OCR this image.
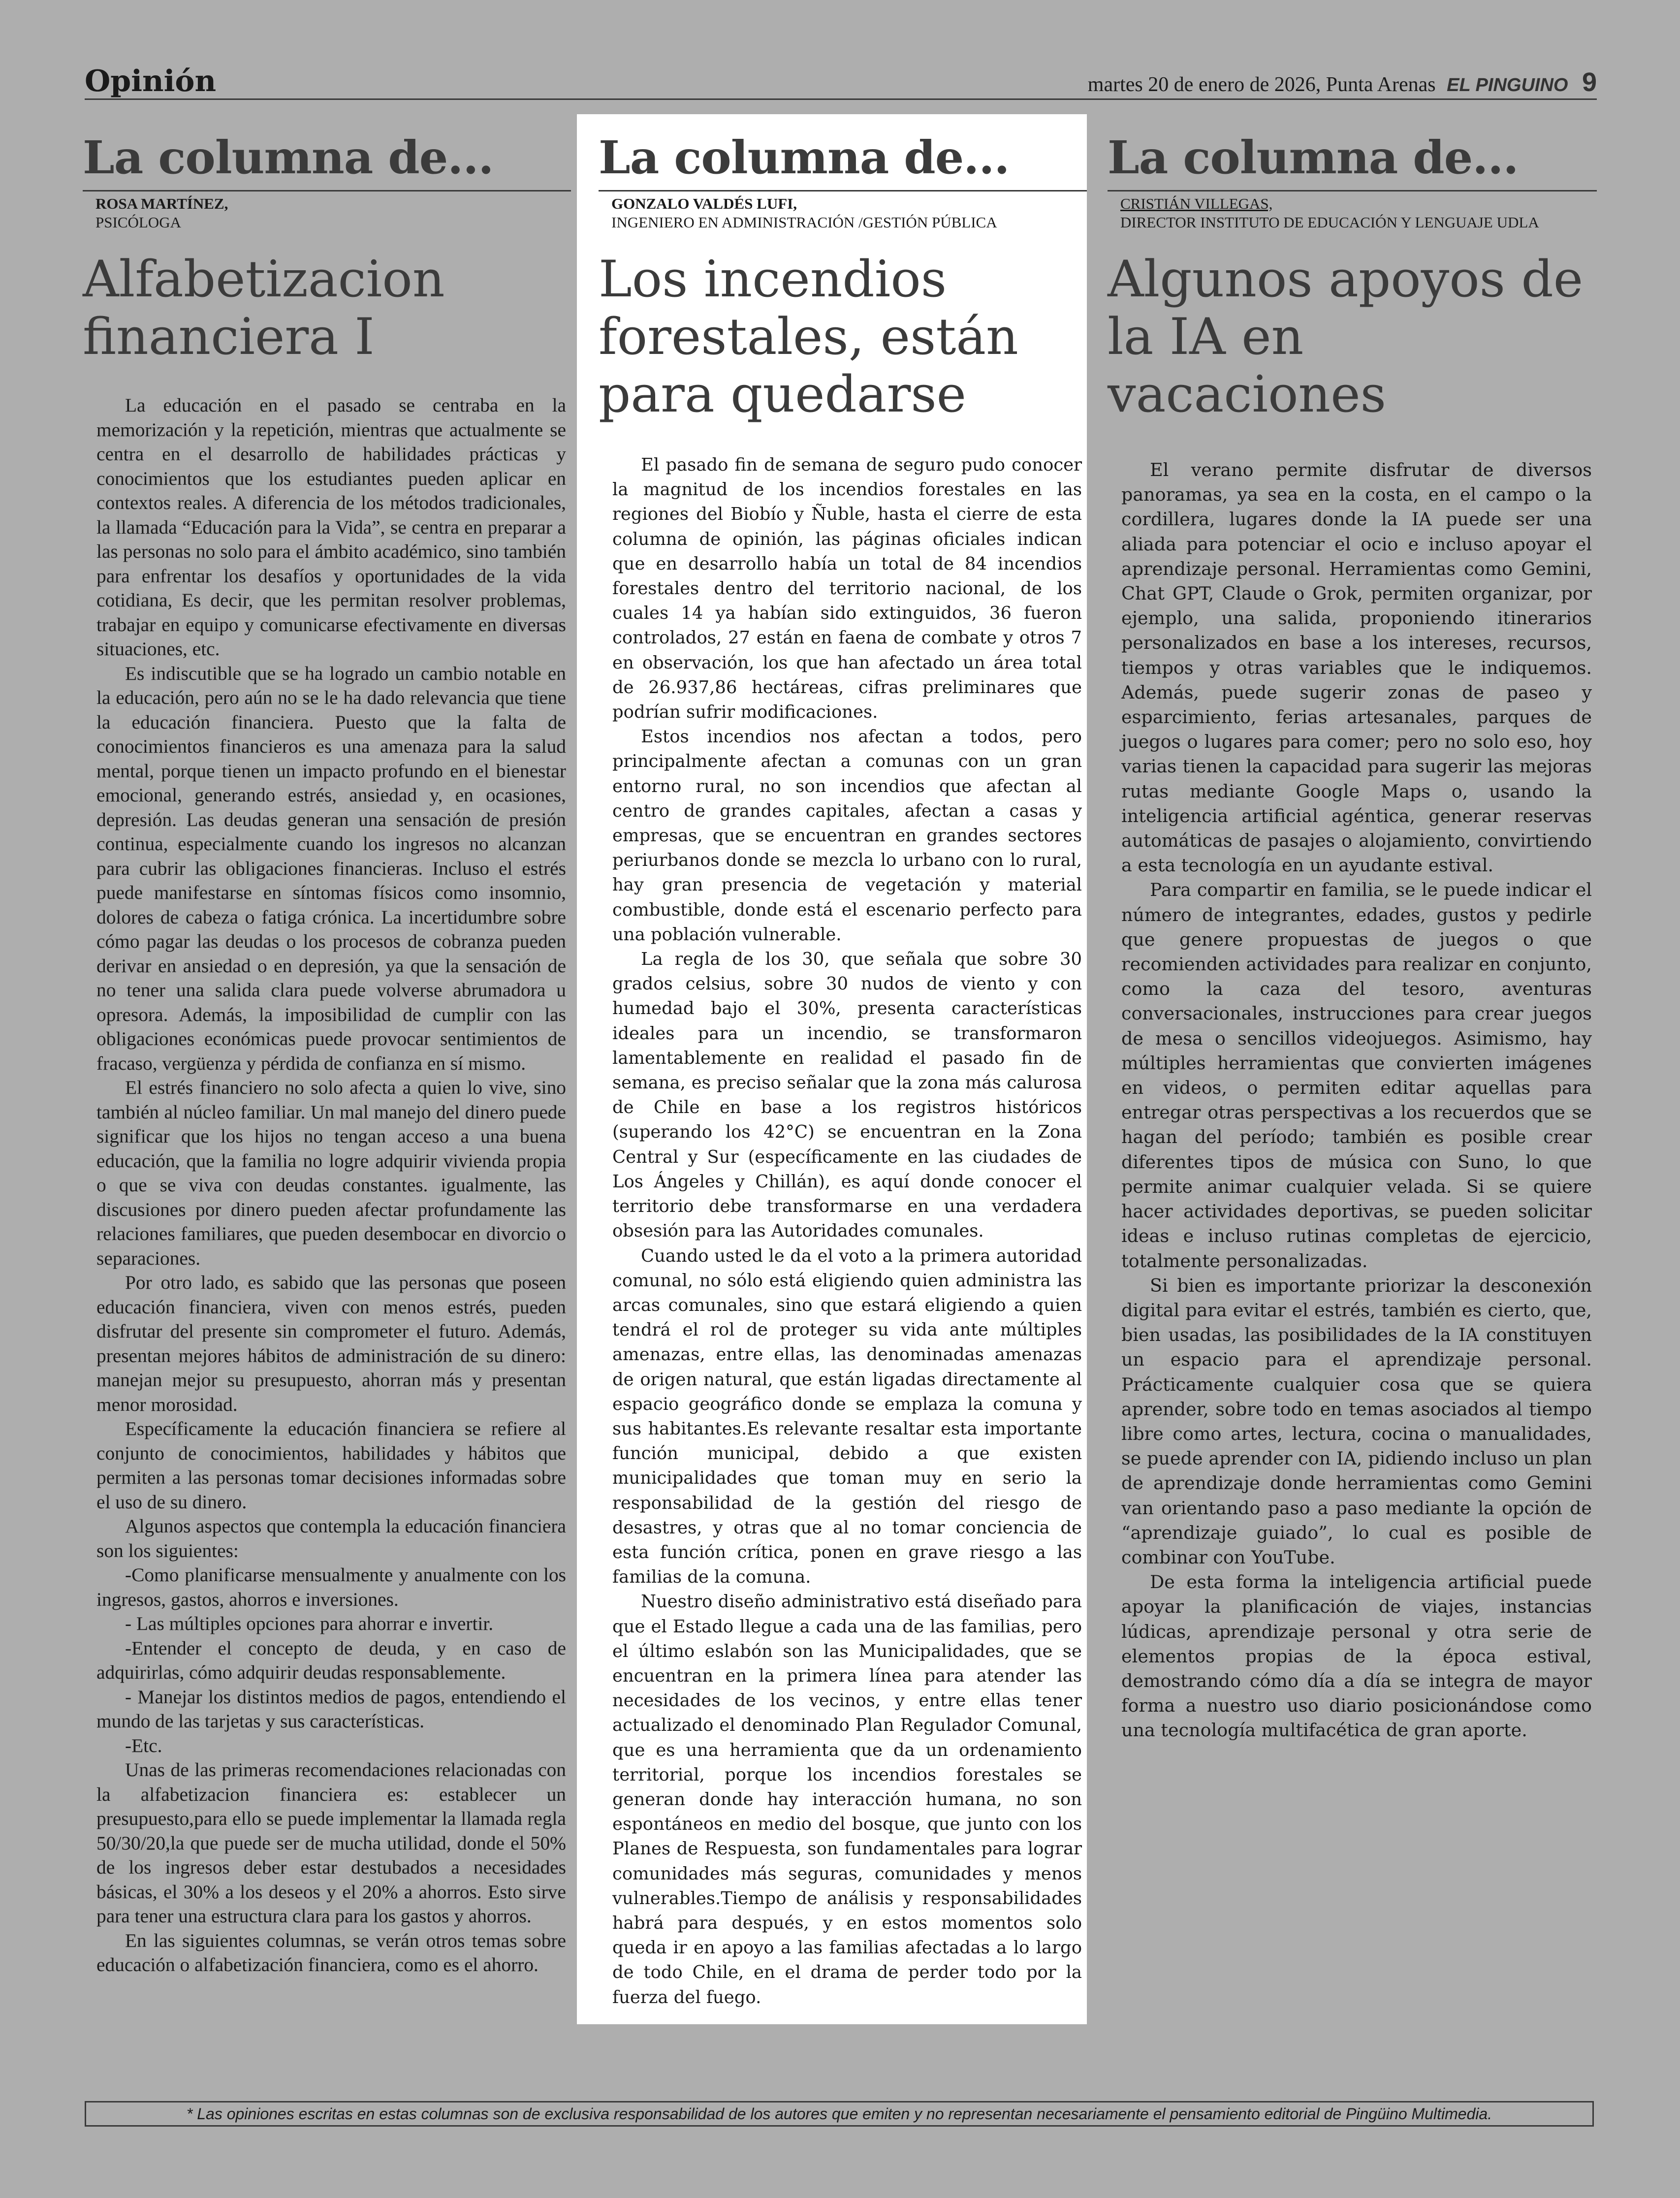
Opinión	martes 20 de enero de 2026, Punta Arenas EL PINGUINO 9
La columna de...
ROSA MARTÍNEZ,
PSICÓLOGA
Alfabetizacion financiera I

La educación en el pasado se centraba en la memorización y la repetición, mientras que actualmente se centra en el desarrollo de habilidades prácticas y conocimientos que los estudiantes pueden aplicar en contextos reales. A diferencia de los métodos tradicionales, la llamada “Educación para la Vida”, se centra en preparar a las personas no solo para el ámbito académico, sino también para enfrentar los desafíos y oportunidades de la vida cotidiana, Es decir, que les permitan resolver problemas, trabajar en equipo y comunicarse efectivamente en diversas situaciones, etc.

Es indiscutible que se ha logrado un cambio notable en la educación, pero aún no se le ha dado relevancia que tiene la educación financiera. Puesto que la falta de conocimientos financieros es una amenaza para la salud mental, porque tienen un impacto profundo en el bienestar emocional, generando estrés, ansiedad y, en ocasiones, depresión. Las deudas generan una sensación de presión continua, especialmente cuando los ingresos no alcanzan para cubrir las obligaciones financieras. Incluso el estrés puede manifestarse en síntomas físicos como insomnio, dolores de cabeza o fatiga crónica. La incertidumbre sobre cómo pagar las deudas o los procesos de cobranza pueden derivar en ansiedad o en depresión, ya que la sensación de no tener una salida clara puede volverse abrumadora u opresora. Además, la imposibilidad de cumplir con las obligaciones económicas puede provocar sentimientos de fracaso, vergüenza y pérdida de confianza en sí mismo.

El estrés financiero no solo afecta a quien lo vive, sino también al núcleo familiar. Un mal manejo del dinero puede significar que los hijos no tengan acceso a una buena educación, que la familia no logre adquirir vivienda propia o que se viva con deudas constantes. igualmente, las discusiones por dinero pueden afectar profundamente las relaciones familiares, que pueden desembocar en divorcio o separaciones.

Por otro lado, es sabido que las personas que poseen educación financiera, viven con menos estrés, pueden disfrutar del presente sin comprometer el futuro. Además, presentan mejores hábitos de administración de su dinero: manejan mejor su presupuesto, ahorran más y presentan menor morosidad.

Específicamente la educación financiera se refiere al conjunto de conocimientos, habilidades y hábitos que permiten a las personas tomar decisiones informadas sobre el uso de su dinero.

Algunos aspectos que contempla la educación financiera son los siguientes:

-Como planificarse mensualmente y anualmente con los ingresos, gastos, ahorros e inversiones.

- Las múltiples opciones para ahorrar e invertir.

-Entender el concepto de deuda, y en caso de adquirirlas, cómo adquirir deudas responsablemente.

- Manejar los distintos medios de pagos, entendiendo el mundo de las tarjetas y sus características.

-Etc.

Unas de las primeras recomendaciones relacionadas con la alfabetizacion financiera es: establecer un presupuesto,para ello se puede implementar la llamada regla 50/30/20,la que puede ser de mucha utilidad, donde el 50% de los ingresos deber estar destubados a necesidades básicas, el 30% a los deseos y el 20% a ahorros. Esto sirve para tener una estructura clara para los gastos y ahorros.

En las siguientes columnas, se verán otros temas sobre educación o alfabetización financiera, como es el ahorro.

La columna de...
GONZALO VALDÉS LUFI,
INGENIERO EN ADMINISTRACIÓN /GESTIÓN PÚBLICA
Los incendios forestales, están para quedarse

El pasado fin de semana de seguro pudo conocer la magnitud de los incendios forestales en las regiones del Biobío y Ñuble, hasta el cierre de esta columna de opinión, las páginas oficiales indican que en desarrollo había un total de 84 incendios forestales dentro del territorio nacional, de los cuales 14 ya habían sido extinguidos, 36 fueron controlados, 27 están en faena de combate y otros 7 en observación, los que han afectado un área total de 26.937,86 hectáreas, cifras preliminares que podrían sufrir modificaciones.

Estos incendios nos afectan a todos, pero principalmente afectan a comunas con un gran entorno rural, no son incendios que afectan al centro de grandes capitales, afectan a casas y empresas, que se encuentran en grandes sectores periurbanos donde se mezcla lo urbano con lo rural, hay gran presencia de vegetación y material combustible, donde está el escenario perfecto para una población vulnerable.

La regla de los 30, que señala que sobre 30 grados celsius, sobre 30 nudos de viento y con humedad bajo el 30%, presenta características ideales para un incendio, se transformaron lamentablemente en realidad el pasado fin de semana, es preciso señalar que la zona más calurosa de Chile en base a los registros históricos (superando los 42°C) se encuentran en la Zona Central y Sur (específicamente en las ciudades de Los Ángeles y Chillán), es aquí donde conocer el territorio debe transformarse en una verdadera obsesión para las Autoridades comunales.

Cuando usted le da el voto a la primera autoridad comunal, no sólo está eligiendo quien administra las arcas comunales, sino que estará eligiendo a quien tendrá el rol de proteger su vida ante múltiples amenazas, entre ellas, las denominadas amenazas de origen natural, que están ligadas directamente al espacio geográfico donde se emplaza la comuna y sus habitantes.Es relevante resaltar esta importante función municipal, debido a que existen municipalidades que toman muy en serio la responsabilidad de la gestión del riesgo de desastres, y otras que al no tomar conciencia de esta función crítica, ponen en grave riesgo a las familias de la comuna.

Nuestro diseño administrativo está diseñado para que el Estado llegue a cada una de las familias, pero el último eslabón son las Municipalidades, que se encuentran en la primera línea para atender las necesidades de los vecinos, y entre ellas tener actualizado el denominado Plan Regulador Comunal, que es una herramienta que da un ordenamiento territorial, porque los incendios forestales se generan donde hay interacción humana, no son espontáneos en medio del bosque, que junto con los Planes de Respuesta, son fundamentales para lograr comunidades más seguras, comunidades y menos vulnerables.Tiempo de análisis y responsabilidades habrá para después, y en estos momentos solo queda ir en apoyo a las familias afectadas a lo largo de todo Chile, en el drama de perder todo por la fuerza del fuego.

La columna de...
CRISTIÁN VILLEGAS,
DIRECTOR INSTITUTO DE EDUCACIÓN Y LENGUAJE UDLA
Algunos apoyos de la IA en vacaciones

El verano permite disfrutar de diversos panoramas, ya sea en la costa, en el campo o la cordillera, lugares donde la IA puede ser una aliada para potenciar el ocio e incluso apoyar el aprendizaje personal. Herramientas como Gemini, Chat GPT, Claude o Grok, permiten organizar, por ejemplo, una salida, proponiendo itinerarios personalizados en base a los intereses, recursos, tiempos y otras variables que le indiquemos. Además, puede sugerir zonas de paseo y esparcimiento, ferias artesanales, parques de juegos o lugares para comer; pero no solo eso, hoy varias tienen la capacidad para sugerir las mejoras rutas mediante Google Maps o, usando la inteligencia artificial agéntica, generar reservas automáticas de pasajes o alojamiento, convirtiendo a esta tecnología en un ayudante estival.

Para compartir en familia, se le puede indicar el número de integrantes, edades, gustos y pedirle que genere propuestas de juegos o que recomienden actividades para realizar en conjunto, como la caza del tesoro, aventuras conversacionales, instrucciones para crear juegos de mesa o sencillos videojuegos. Asimismo, hay múltiples herramientas que convierten imágenes en videos, o permiten editar aquellas para entregar otras perspectivas a los recuerdos que se hagan del período; también es posible crear diferentes tipos de música con Suno, lo que permite animar cualquier velada. Si se quiere hacer actividades deportivas, se pueden solicitar ideas e incluso rutinas completas de ejercicio, totalmente personalizadas.

Si bien es importante priorizar la desconexión digital para evitar el estrés, también es cierto, que, bien usadas, las posibilidades de la IA constituyen un espacio para el aprendizaje personal. Prácticamente cualquier cosa que se quiera aprender, sobre todo en temas asociados al tiempo libre como artes, lectura, cocina o manualidades, se puede aprender con IA, pidiendo incluso un plan de aprendizaje donde herramientas como Gemini van orientando paso a paso mediante la opción de “aprendizaje guiado”, lo cual es posible de combinar con YouTube.

De esta forma la inteligencia artificial puede apoyar la planificación de viajes, instancias lúdicas, aprendizaje personal y otra serie de elementos propias de la época estival, demostrando cómo día a día se integra de mayor forma a nuestro uso diario posicionándose como una tecnología multifacética de gran aporte.

* Las opiniones escritas en estas columnas son de exclusiva responsabilidad de los autores que emiten y no representan necesariamente el pensamiento editorial de Pingüino Multimedia.
